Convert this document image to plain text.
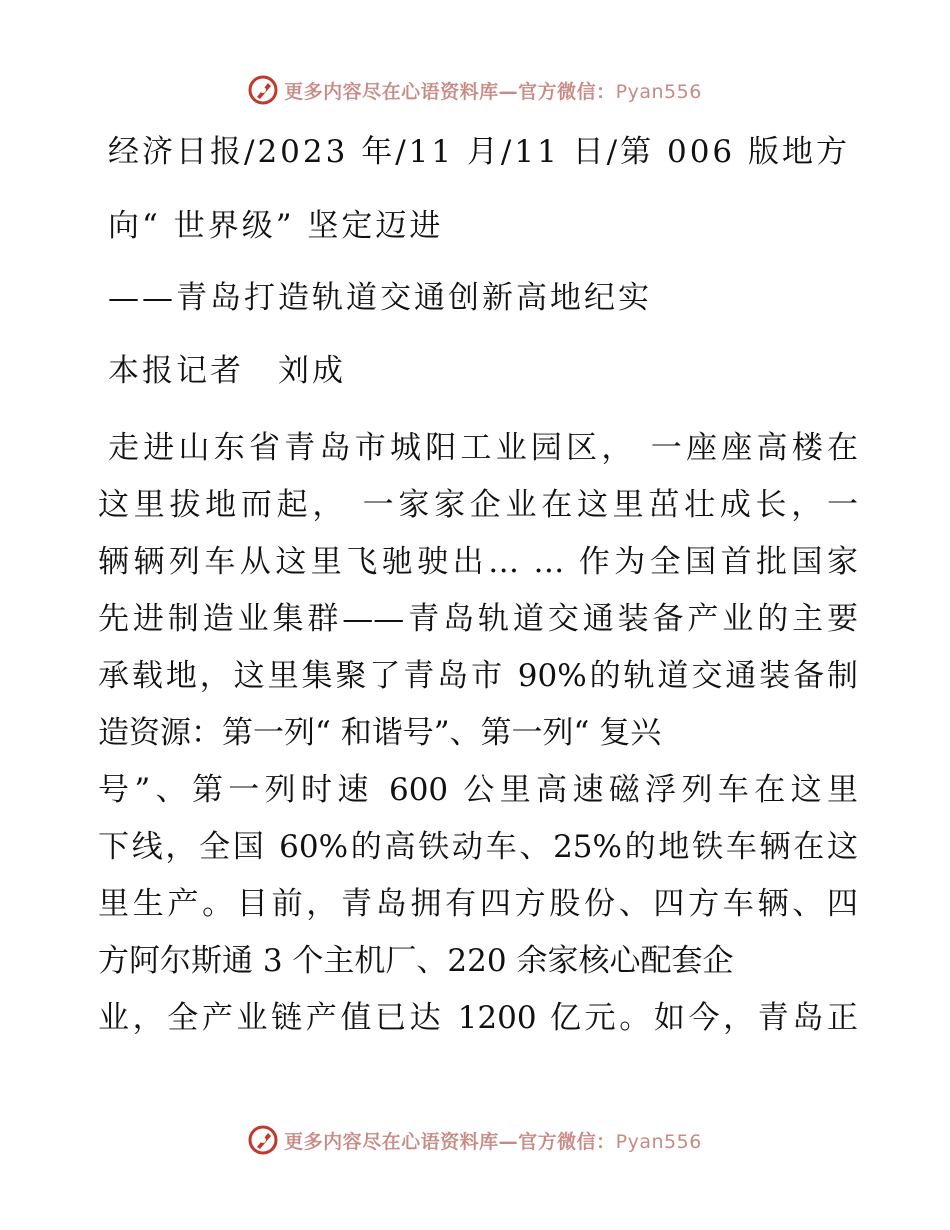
更多内容尽在心语资料库—官方微信：Pyan556
经济日报/2023 年/11 月/11 日/第 006 版地方
向“ 世界级” 坚定迈进
——青岛打造轨道交通创新高地纪实

本报记者　刘成

走进山东省青岛市城阳工业园区， 一座座高楼在
这里拔地而起， 一家家企业在这里茁壮成长，一
辆辆列车从这里飞驰驶出… … 作为全国首批国家
先进制造业集群——青岛轨道交通装备产业的主要
承载地，这里集聚了青岛市 90%的轨道交通装备制
造资源：第一列“ 和谐号”、第一列“ 复兴
号”、第一列时速 600 公里高速磁浮列车在这里
下线，全国 60%的高铁动车、25%的地铁车辆在这
里生产。目前，青岛拥有四方股份、四方车辆、四
方阿尔斯通 3 个主机厂、220 余家核心配套企
业，全产业链产值已达 1200 亿元。如今，青岛正
更多内容尽在心语资料库—官方微信：Pyan556
